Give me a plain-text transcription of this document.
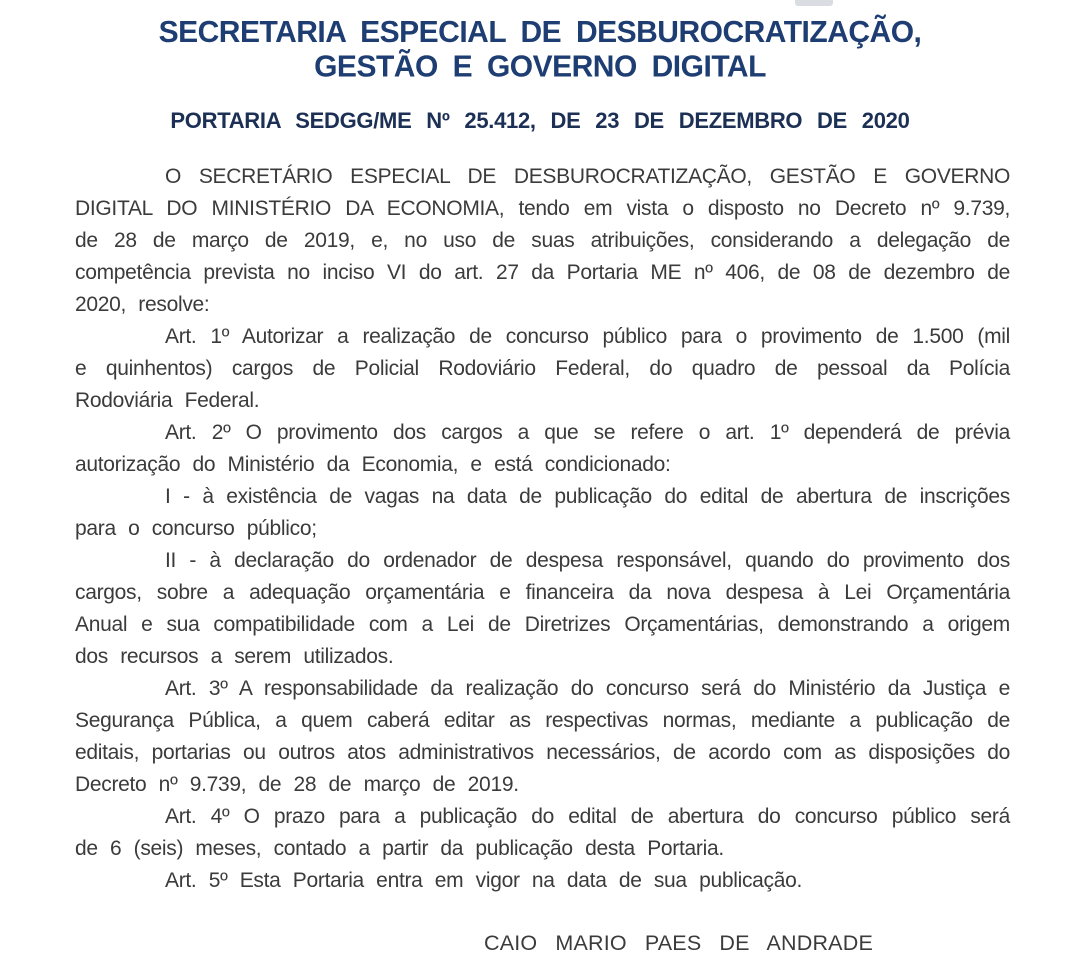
SECRETARIA ESPECIAL DE DESBUROCRATIZAÇÃO,
GESTÃO E GOVERNO DIGITAL
PORTARIA SEDGG/ME Nº 25.412, DE 23 DE DEZEMBRO DE 2020

O SECRETÁRIO ESPECIAL DE DESBUROCRATIZAÇÃO, GESTÃO E GOVERNO DIGITAL DO MINISTÉRIO DA ECONOMIA, tendo em vista o disposto no Decreto nº 9.739, de 28 de março de 2019, e, no uso de suas atribuições, considerando a delegação de competência prevista no inciso VI do art. 27 da Portaria ME nº 406, de 08 de dezembro de 2020, resolve:

Art. 1º Autorizar a realização de concurso público para o provimento de 1.500 (mil e quinhentos) cargos de Policial Rodoviário Federal, do quadro de pessoal da Polícia Rodoviária Federal.

Art. 2º O provimento dos cargos a que se refere o art. 1º dependerá de prévia autorização do Ministério da Economia, e está condicionado:

I - à existência de vagas na data de publicação do edital de abertura de inscrições para o concurso público;

II - à declaração do ordenador de despesa responsável, quando do provimento dos cargos, sobre a adequação orçamentária e financeira da nova despesa à Lei Orçamentária Anual e sua compatibilidade com a Lei de Diretrizes Orçamentárias, demonstrando a origem dos recursos a serem utilizados.

Art. 3º A responsabilidade da realização do concurso será do Ministério da Justiça e Segurança Pública, a quem caberá editar as respectivas normas, mediante a publicação de editais, portarias ou outros atos administrativos necessários, de acordo com as disposições do Decreto nº 9.739, de 28 de março de 2019.

Art. 4º O prazo para a publicação do edital de abertura do concurso público será de 6 (seis) meses, contado a partir da publicação desta Portaria.

Art. 5º Esta Portaria entra em vigor na data de sua publicação.

CAIO MARIO PAES DE ANDRADE
